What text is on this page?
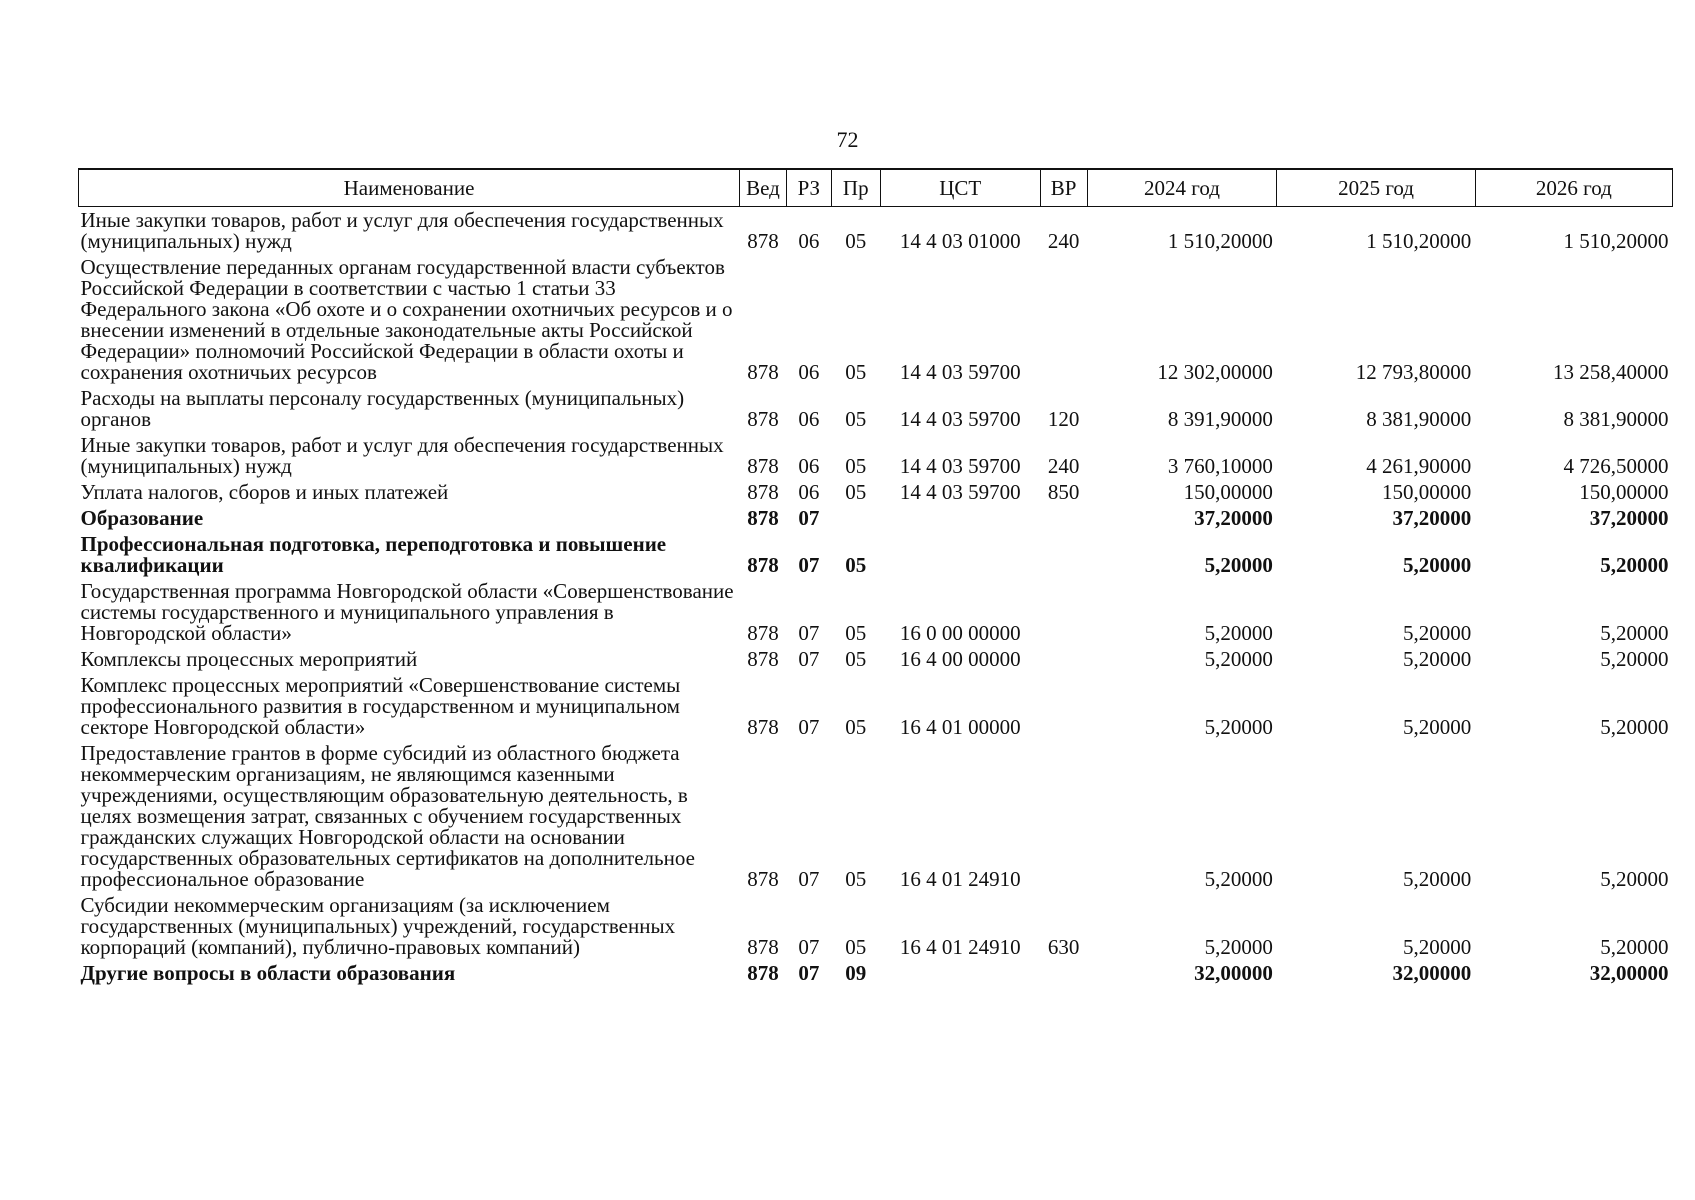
72
Наименование	Вед	РЗ	Пр	ЦСТ	ВР	2024 год	2025 год	2026 год
Иные закупки товаров, работ и услуг для обеспечения государственных (муниципальных) нужд	878	06	05	14 4 03 01000	240	1 510,20000	1 510,20000	1 510,20000
Осуществление переданных органам государственной власти субъектов Российской Федерации в соответствии с частью 1 статьи 33 Федерального закона «Об охоте и о сохранении охотничьих ресурсов и о внесении изменений в отдельные законодательные акты Российской Федерации» полномочий Российской Федерации в области охоты и сохранения охотничьих ресурсов	878	06	05	14 4 03 59700		12 302,00000	12 793,80000	13 258,40000
Расходы на выплаты персоналу государственных (муниципальных) органов	878	06	05	14 4 03 59700	120	8 391,90000	8 381,90000	8 381,90000
Иные закупки товаров, работ и услуг для обеспечения государственных (муниципальных) нужд	878	06	05	14 4 03 59700	240	3 760,10000	4 261,90000	4 726,50000
Уплата налогов, сборов и иных платежей	878	06	05	14 4 03 59700	850	150,00000	150,00000	150,00000
Образование	878	07				37,20000	37,20000	37,20000
Профессиональная подготовка, переподготовка и повышение квалификации	878	07	05			5,20000	5,20000	5,20000
Государственная программа Новгородской области «Совершенствование системы государственного и муниципального управления в Новгородской области»	878	07	05	16 0 00 00000		5,20000	5,20000	5,20000
Комплексы процессных мероприятий	878	07	05	16 4 00 00000		5,20000	5,20000	5,20000
Комплекс процессных мероприятий «Совершенствование системы профессионального развития в государственном и муниципальном секторе Новгородской области»	878	07	05	16 4 01 00000		5,20000	5,20000	5,20000
Предоставление грантов в форме субсидий из областного бюджета некоммерческим организациям, не являющимся казенными учреждениями, осуществляющим образовательную деятельность, в целях возмещения затрат, связанных с обучением государственных гражданских служащих Новгородской области на основании государственных образовательных сертификатов на дополнительное профессиональное образование	878	07	05	16 4 01 24910		5,20000	5,20000	5,20000
Субсидии некоммерческим организациям (за исключением государственных (муниципальных) учреждений, государственных корпораций (компаний), публично-правовых компаний)	878	07	05	16 4 01 24910	630	5,20000	5,20000	5,20000
Другие вопросы в области образования	878	07	09			32,00000	32,00000	32,00000
